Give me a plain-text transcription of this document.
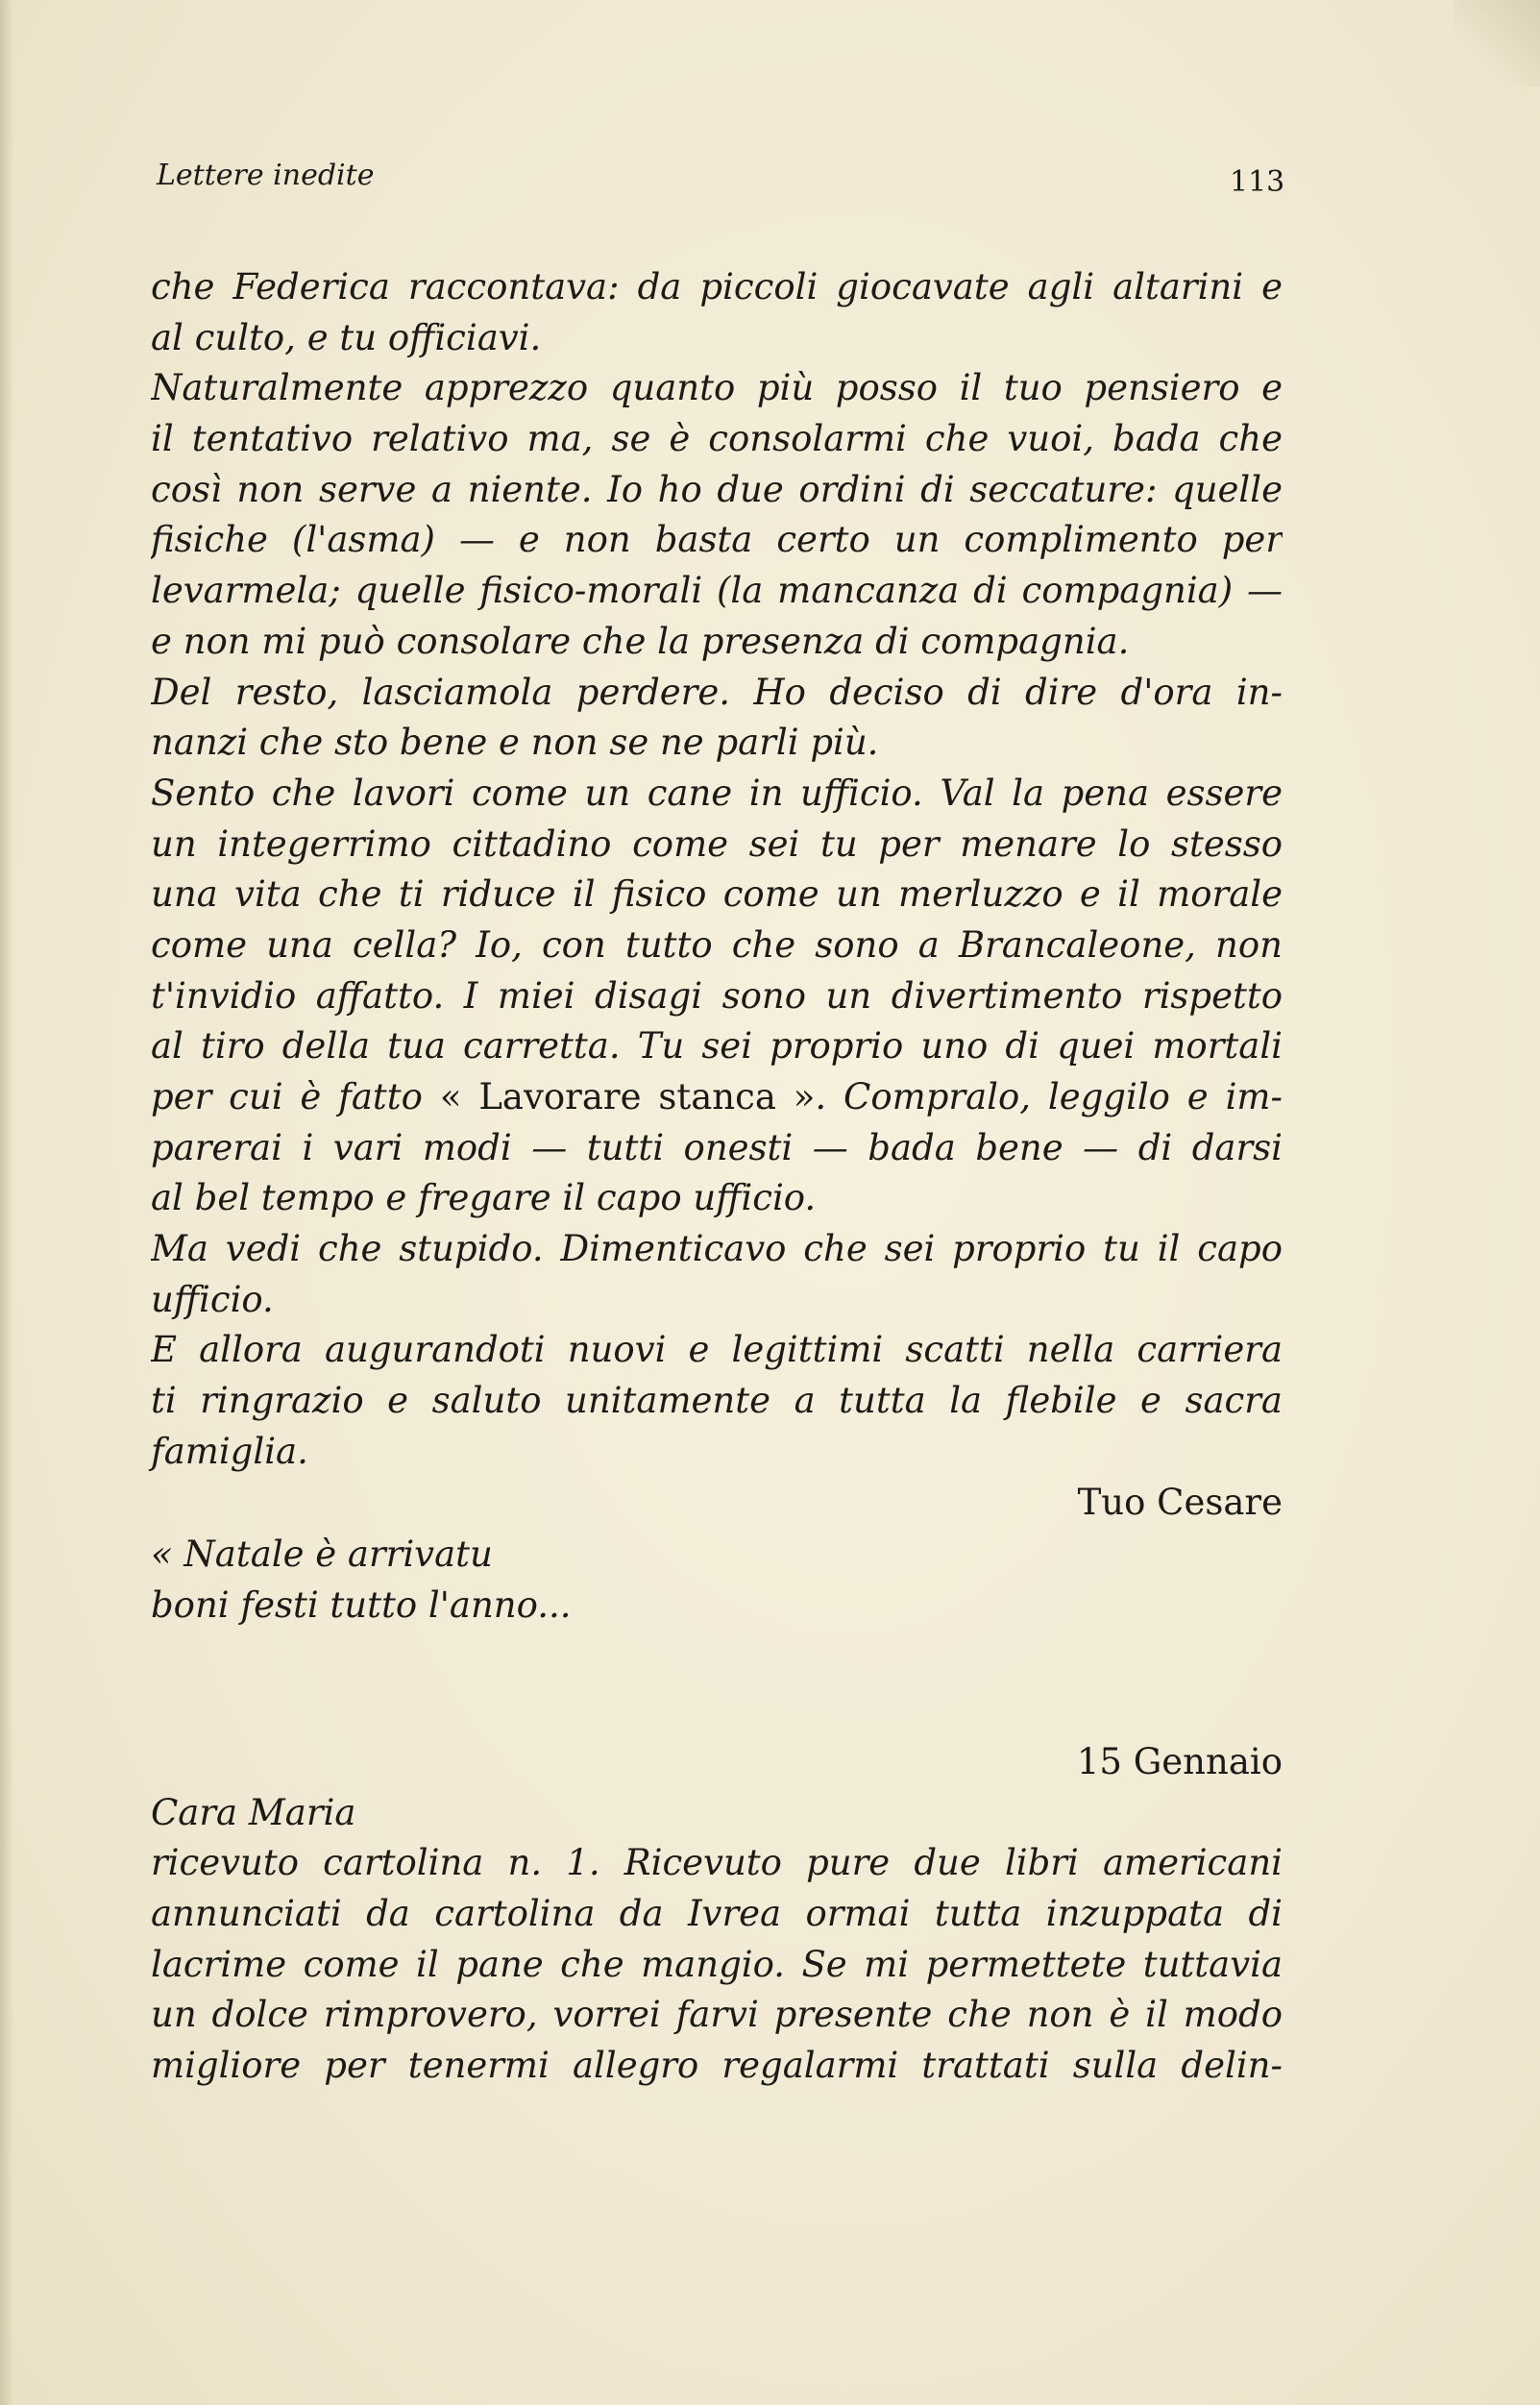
Lettere inedite	113
che Federica raccontava: da piccoli giocavate agli altarini e
al culto, e tu officiavi.
Naturalmente apprezzo quanto più posso il tuo pensiero e
il tentativo relativo ma, se è consolarmi che vuoi, bada che
così non serve a niente. Io ho due ordini di seccature: quelle
fisiche (l'asma) — e non basta certo un complimento per
levarmela; quelle fisico-morali (la mancanza di compagnia) —
e non mi può consolare che la presenza di compagnia.
Del resto, lasciamola perdere. Ho deciso di dire d'ora in-
nanzi che sto bene e non se ne parli più.
Sento che lavori come un cane in ufficio. Val la pena essere
un integerrimo cittadino come sei tu per menare lo stesso
una vita che ti riduce il fisico come un merluzzo e il morale
come una cella? Io, con tutto che sono a Brancaleone, non
t'invidio affatto. I miei disagi sono un divertimento rispetto
al tiro della tua carretta. Tu sei proprio uno di quei mortali
per cui è fatto « Lavorare stanca ». Compralo, leggilo e im-
parerai i vari modi — tutti onesti — bada bene — di darsi
al bel tempo e fregare il capo ufficio.
Ma vedi che stupido. Dimenticavo che sei proprio tu il capo
ufficio.
E allora augurandoti nuovi e legittimi scatti nella carriera
ti ringrazio e saluto unitamente a tutta la flebile e sacra
famiglia.
Tuo Cesare
« Natale è arrivatu
boni festi tutto l'anno...
15 Gennaio
Cara Maria
ricevuto cartolina n. 1. Ricevuto pure due libri americani
annunciati da cartolina da Ivrea ormai tutta inzuppata di
lacrime come il pane che mangio. Se mi permettete tuttavia
un dolce rimprovero, vorrei farvi presente che non è il modo
migliore per tenermi allegro regalarmi trattati sulla delin-
